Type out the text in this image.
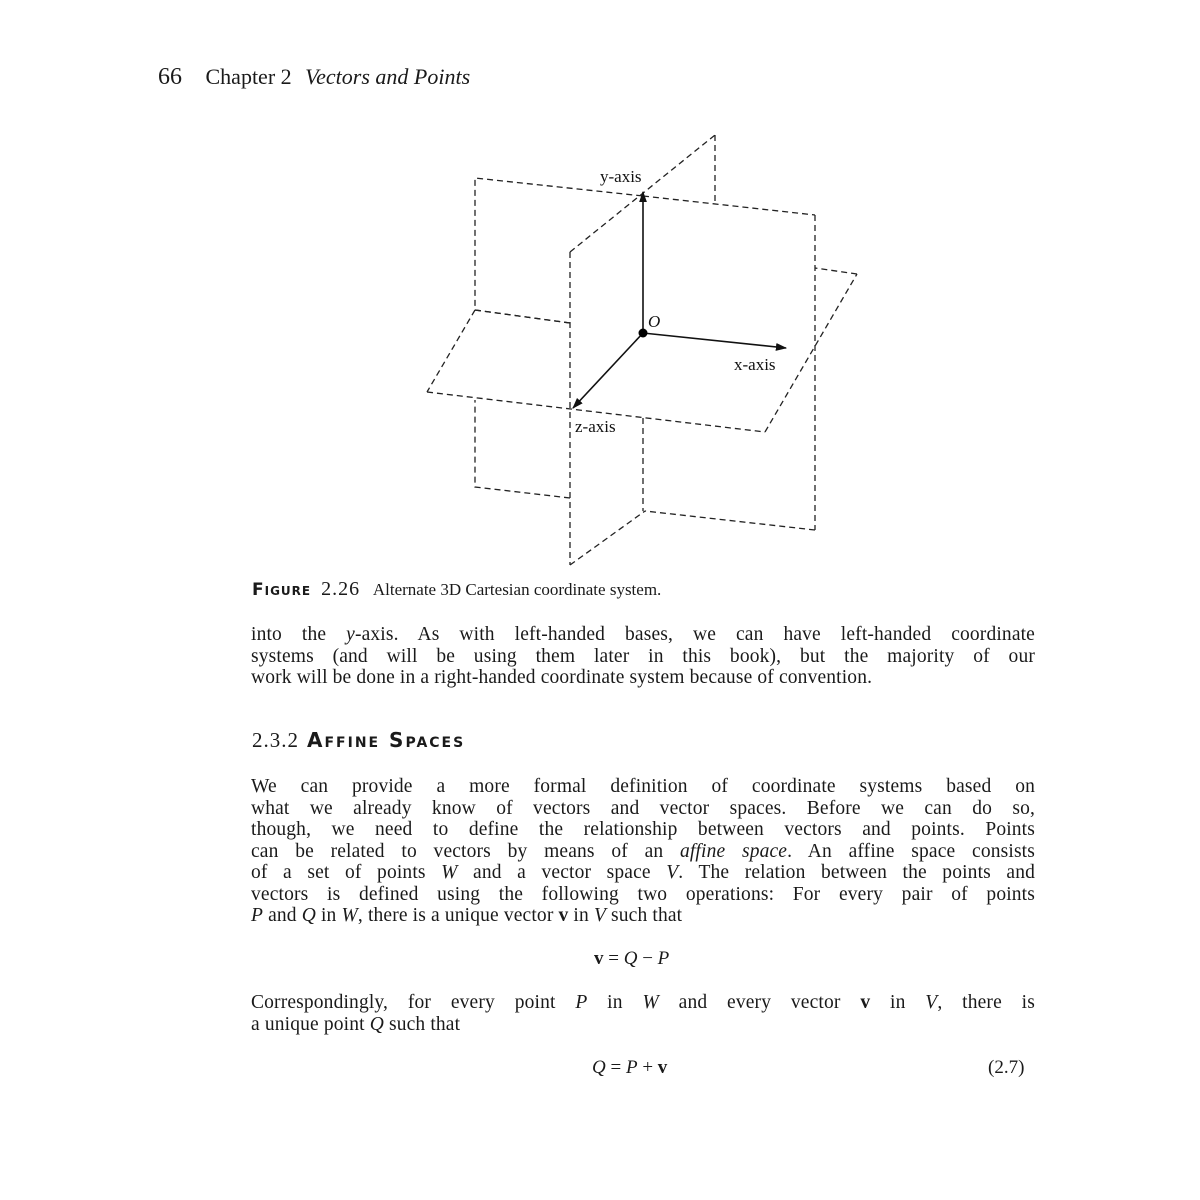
66 Chapter 2 Vectors and Points
O
y-axis
x-axis
z-axis
Figure 2.26 Alternate 3D Cartesian coordinate system.
into the y-axis. As with left-handed bases, we can have left-handed coordinate
systems (and will be using them later in this book), but the majority of our
work will be done in a right-handed coordinate system because of convention.
2.3.2 Affine Spaces
We can provide a more formal definition of coordinate systems based on
what we already know of vectors and vector spaces. Before we can do so,
though, we need to define the relationship between vectors and points. Points
can be related to vectors by means of an affine space. An affine space consists
of a set of points W and a vector space V. The relation between the points and
vectors is defined using the following two operations: For every pair of points
P and Q in W, there is a unique vector v in V such that
v = Q − P
Correspondingly, for every point P in W and every vector v in V, there is
a unique point Q such that
Q = P + v	(2.7)
